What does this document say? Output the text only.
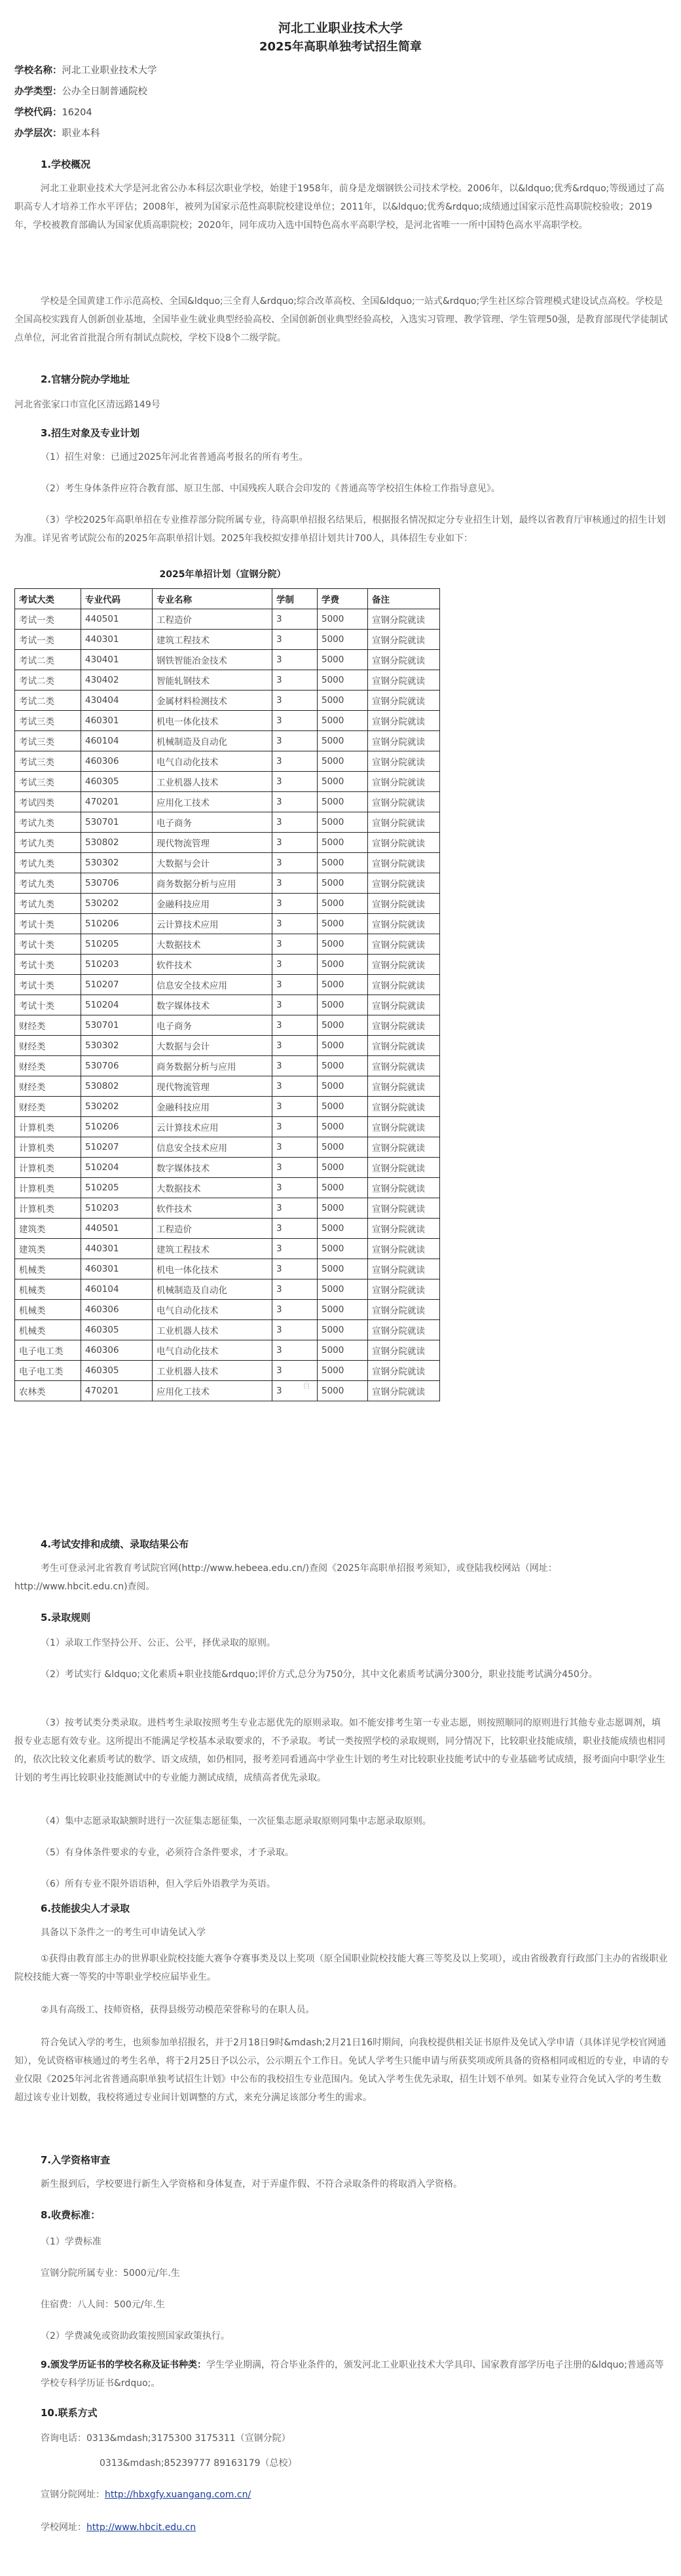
河北工业职业技术大学
2025年高职单独考试招生简章
学校名称：河北工业职业技术大学
办学类型：公办全日制普通院校
学校代码：16204
办学层次：职业本科
1.学校概况
河北工业职业技术大学是河北省公办本科层次职业学校，始建于1958年，前身是龙烟钢铁公司技术学校。2006年，以&ldquo;优秀&rdquo;等级通过了高职高专人才培养工作水平评估；2008年，被列为国家示范性高职院校建设单位；2011年，以&ldquo;优秀&rdquo;成绩通过国家示范性高职院校验收；2019年，学校被教育部确认为国家优质高职院校；2020年，同年成功入选中国特色高水平高职学校，是河北省唯一一所中国特色高水平高职学校。
学校是全国黄建工作示范高校、全国&ldquo;三全育人&rdquo;综合改革高校、全国&ldquo;一站式&rdquo;学生社区综合管理模式建设试点高校。学校是全国高校实践育人创新创业基地，全国毕业生就业典型经验高校、全国创新创业典型经验高校，入选实习管理、教学管理、学生管理50强，是教育部现代学徒制试点单位，河北省首批混合所有制试点院校，学校下设8个二级学院。
2.官辖分院办学地址
河北省张家口市宣化区清远路149号
3.招生对象及专业计划
（1）招生对象：已通过2025年河北省普通高考报名的所有考生。
（2）考生身体条件应符合教育部、原卫生部、中国残疾人联合会印发的《普通高等学校招生体检工作指导意见》。
（3）学校2025年高职单招在专业推荐部分院所属专业，待高职单招报名结果后，根据报名情况拟定分专业招生计划，最终以省教育厅审核通过的招生计划为准。详见省考试院公布的2025年高职单招计划。2025年我校拟安排单招计划共计700人，具体招生专业如下：
2025年单招计划（宣钢分院）
考试大类	专业代码	专业名称	学制	学费	备注
考试一类	440501	工程造价	3	5000	宣钢分院就读
考试一类	440301	建筑工程技术	3	5000	宣钢分院就读
考试二类	430401	钢铁智能冶金技术	3	5000	宣钢分院就读
考试二类	430402	智能轧钢技术	3	5000	宣钢分院就读
考试二类	430404	金属材料检测技术	3	5000	宣钢分院就读
考试三类	460301	机电一体化技术	3	5000	宣钢分院就读
考试三类	460104	机械制造及自动化	3	5000	宣钢分院就读
考试三类	460306	电气自动化技术	3	5000	宣钢分院就读
考试三类	460305	工业机器人技术	3	5000	宣钢分院就读
考试四类	470201	应用化工技术	3	5000	宣钢分院就读
考试九类	530701	电子商务	3	5000	宣钢分院就读
考试九类	530802	现代物流管理	3	5000	宣钢分院就读
考试九类	530302	大数据与会计	3	5000	宣钢分院就读
考试九类	530706	商务数据分析与应用	3	5000	宣钢分院就读
考试九类	530202	金融科技应用	3	5000	宣钢分院就读
考试十类	510206	云计算技术应用	3	5000	宣钢分院就读
考试十类	510205	大数据技术	3	5000	宣钢分院就读
考试十类	510203	软件技术	3	5000	宣钢分院就读
考试十类	510207	信息安全技术应用	3	5000	宣钢分院就读
考试十类	510204	数字媒体技术	3	5000	宣钢分院就读
财经类	530701	电子商务	3	5000	宣钢分院就读
财经类	530302	大数据与会计	3	5000	宣钢分院就读
财经类	530706	商务数据分析与应用	3	5000	宣钢分院就读
财经类	530802	现代物流管理	3	5000	宣钢分院就读
财经类	530202	金融科技应用	3	5000	宣钢分院就读
计算机类	510206	云计算技术应用	3	5000	宣钢分院就读
计算机类	510207	信息安全技术应用	3	5000	宣钢分院就读
计算机类	510204	数字媒体技术	3	5000	宣钢分院就读
计算机类	510205	大数据技术	3	5000	宣钢分院就读
计算机类	510203	软件技术	3	5000	宣钢分院就读
建筑类	440501	工程造价	3	5000	宣钢分院就读
建筑类	440301	建筑工程技术	3	5000	宣钢分院就读
机械类	460301	机电一体化技术	3	5000	宣钢分院就读
机械类	460104	机械制造及自动化	3	5000	宣钢分院就读
机械类	460306	电气自动化技术	3	5000	宣钢分院就读
机械类	460305	工业机器人技术	3	5000	宣钢分院就读
电子电工类	460306	电气自动化技术	3	5000	宣钢分院就读
电子电工类	460305	工业机器人技术	3	5000	宣钢分院就读
农林类	470201	应用化工技术	3	5000	宣钢分院就读
自
4.考试安排和成绩、录取结果公布
考生可登录河北省教育考试院官网(http://www.hebeea.edu.cn/)查阅《2025年高职单招报考须知》，或登陆我校网站（网址：http://www.hbcit.edu.cn)查阅。
5.录取规则
（1）录取工作坚持公开、公正、公平，择优录取的原则。
（2）考试实行 &ldquo;文化素质+职业技能&rdquo;评价方式,总分为750分，其中文化素质考试满分300分，职业技能考试满分450分。
（3）按考试类分类录取。进档考生录取按照考生专业志愿优先的原则录取。如不能安排考生第一专业志愿，则按照顺同的原则进行其他专业志愿调剂，填报专业志愿有效专业。这所提出不能满足学校基本录取要求的，不予录取。考试一类按照学校的录取规则，同分情况下，比较职业技能成绩，职业技能成绩也相同的，依次比较文化素质考试的数学、语文成绩，如仍相同，报考差同看通高中学业生计划的考生对比较职业技能考试中的专业基础考试成绩，报考面向中职学业生计划的考生再比较职业技能测试中的专业能力测试成绩，成绩高者优先录取。
（4）集中志愿录取缺额时进行一次征集志愿征集，一次征集志愿录取原则同集中志愿录取原则。
（5）有身体条件要求的专业，必须符合条件要求，才予录取。
（6）所有专业不限外语语种，但入学后外语教学为英语。
6.技能拔尖人才录取
具备以下条件之一的考生可申请免试入学
①获得由教育部主办的世界职业院校技能大赛争夺赛事类及以上奖项（原全国职业院校技能大赛三等奖及以上奖项），或由省级教育行政部门主办的省级职业院校技能大赛一等奖的中等职业学校应届毕业生。
②具有高级工、技师资格，获得县级劳动模范荣誉称号的在职人员。
符合免试入学的考生，也须参加单招报名，并于2月18日9时&mdash;2月21日16时期间，向我校提供相关证书原件及免试入学申请（具体详见学校官网通知），免试资格审核通过的考生名单，将于2月25日予以公示，公示期五个工作日。免试人学考生只能申请与所获奖项或所具备的资格相同或相近的专业，申请的专业仅限《2025年河北省普通高职单独考试招生计划》中公布的我校招生专业范围内。免试入学考生优先录取，招生计划不单列。如某专业符合免试入学的考生数超过该专业计划数，我校将通过专业间计划调整的方式，来充分满足该部分考生的需求。
7.入学资格审查
新生报到后，学校要进行新生入学资格和身体复查，对于弄虚作假、不符合录取条件的将取消入学资格。
8.收费标准：
（1）学费标准
宣钢分院所属专业：5000元/年.生
住宿费：八人间：500元/年.生
（2）学费减免或资助政策按照国家政策执行。
9.颁发学历证书的学校名称及证书种类：学生学业期满，符合毕业条件的，颁发河北工业职业技术大学具印、国家教育部学历电子注册的&ldquo;普通高等学校专科学历证书&rdquo;。
10.联系方式
咨询电话：0313&mdash;3175300 3175311（宣钢分院）
0313&mdash;85239777 89163179（总校）
宣钢分院网址：http://hbxgfy.xuangang.com.cn/
学校网址：http://www.hbcit.edu.cn
